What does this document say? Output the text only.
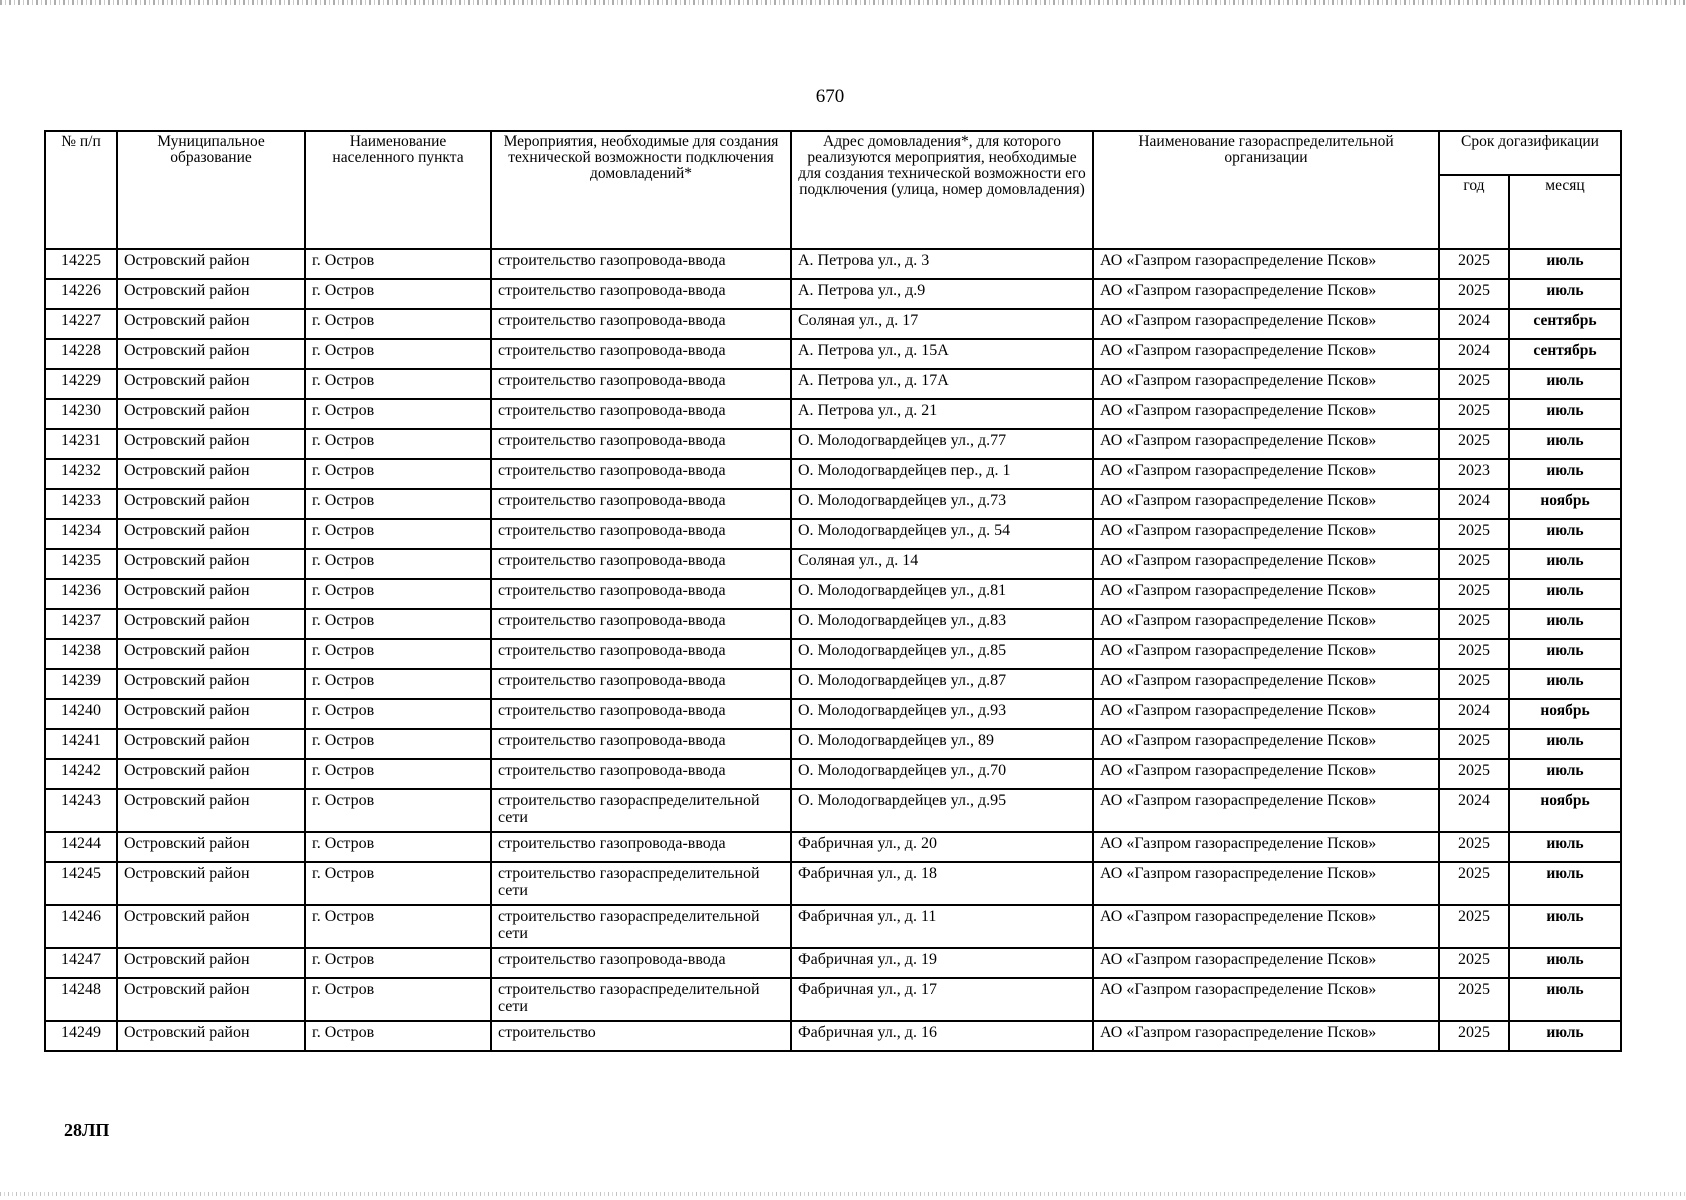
670
№ п/п	Муниципальное образование	Наименование населенного пункта	Мероприятия, необходимые для создания технической возможности подключения домовладений*	Адрес домовладения*, для которого реализуются мероприятия, необходимые для создания технической возможности его подключения (улица, номер домовладения)	Наименование газораспределительной организации	Срок догазификации	
						год	месяц
14225	Островский район	г. Остров	строительство газопровода-ввода	А. Петрова ул., д. 3	АО «Газпром газораспределение Псков»	2025	июль
14226	Островский район	г. Остров	строительство газопровода-ввода	А. Петрова ул., д.9	АО «Газпром газораспределение Псков»	2025	июль
14227	Островский район	г. Остров	строительство газопровода-ввода	Соляная ул., д. 17	АО «Газпром газораспределение Псков»	2024	сентябрь
14228	Островский район	г. Остров	строительство газопровода-ввода	А. Петрова ул., д. 15А	АО «Газпром газораспределение Псков»	2024	сентябрь
14229	Островский район	г. Остров	строительство газопровода-ввода	А. Петрова ул., д. 17А	АО «Газпром газораспределение Псков»	2025	июль
14230	Островский район	г. Остров	строительство газопровода-ввода	А. Петрова ул., д. 21	АО «Газпром газораспределение Псков»	2025	июль
14231	Островский район	г. Остров	строительство газопровода-ввода	О. Молодогвардейцев ул., д.77	АО «Газпром газораспределение Псков»	2025	июль
14232	Островский район	г. Остров	строительство газопровода-ввода	О. Молодогвардейцев пер., д. 1	АО «Газпром газораспределение Псков»	2023	июль
14233	Островский район	г. Остров	строительство газопровода-ввода	О. Молодогвардейцев ул., д.73	АО «Газпром газораспределение Псков»	2024	ноябрь
14234	Островский район	г. Остров	строительство газопровода-ввода	О. Молодогвардейцев ул., д. 54	АО «Газпром газораспределение Псков»	2025	июль
14235	Островский район	г. Остров	строительство газопровода-ввода	Соляная ул., д. 14	АО «Газпром газораспределение Псков»	2025	июль
14236	Островский район	г. Остров	строительство газопровода-ввода	О. Молодогвардейцев ул., д.81	АО «Газпром газораспределение Псков»	2025	июль
14237	Островский район	г. Остров	строительство газопровода-ввода	О. Молодогвардейцев ул., д.83	АО «Газпром газораспределение Псков»	2025	июль
14238	Островский район	г. Остров	строительство газопровода-ввода	О. Молодогвардейцев ул., д.85	АО «Газпром газораспределение Псков»	2025	июль
14239	Островский район	г. Остров	строительство газопровода-ввода	О. Молодогвардейцев ул., д.87	АО «Газпром газораспределение Псков»	2025	июль
14240	Островский район	г. Остров	строительство газопровода-ввода	О. Молодогвардейцев ул., д.93	АО «Газпром газораспределение Псков»	2024	ноябрь
14241	Островский район	г. Остров	строительство газопровода-ввода	О. Молодогвардейцев ул., 89	АО «Газпром газораспределение Псков»	2025	июль
14242	Островский район	г. Остров	строительство газопровода-ввода	О. Молодогвардейцев ул., д.70	АО «Газпром газораспределение Псков»	2025	июль
14243	Островский район	г. Остров	строительство газораспределительной сети	О. Молодогвардейцев ул., д.95	АО «Газпром газораспределение Псков»	2024	ноябрь
14244	Островский район	г. Остров	строительство газопровода-ввода	Фабричная ул., д. 20	АО «Газпром газораспределение Псков»	2025	июль
14245	Островский район	г. Остров	строительство газораспределительной сети	Фабричная ул., д. 18	АО «Газпром газораспределение Псков»	2025	июль
14246	Островский район	г. Остров	строительство газораспределительной сети	Фабричная ул., д. 11	АО «Газпром газораспределение Псков»	2025	июль
14247	Островский район	г. Остров	строительство газопровода-ввода	Фабричная ул., д. 19	АО «Газпром газораспределение Псков»	2025	июль
14248	Островский район	г. Остров	строительство газораспределительной сети	Фабричная ул., д. 17	АО «Газпром газораспределение Псков»	2025	июль
14249	Островский район	г. Остров	строительство	Фабричная ул., д. 16	АО «Газпром газораспределение Псков»	2025	июль
28ЛП
